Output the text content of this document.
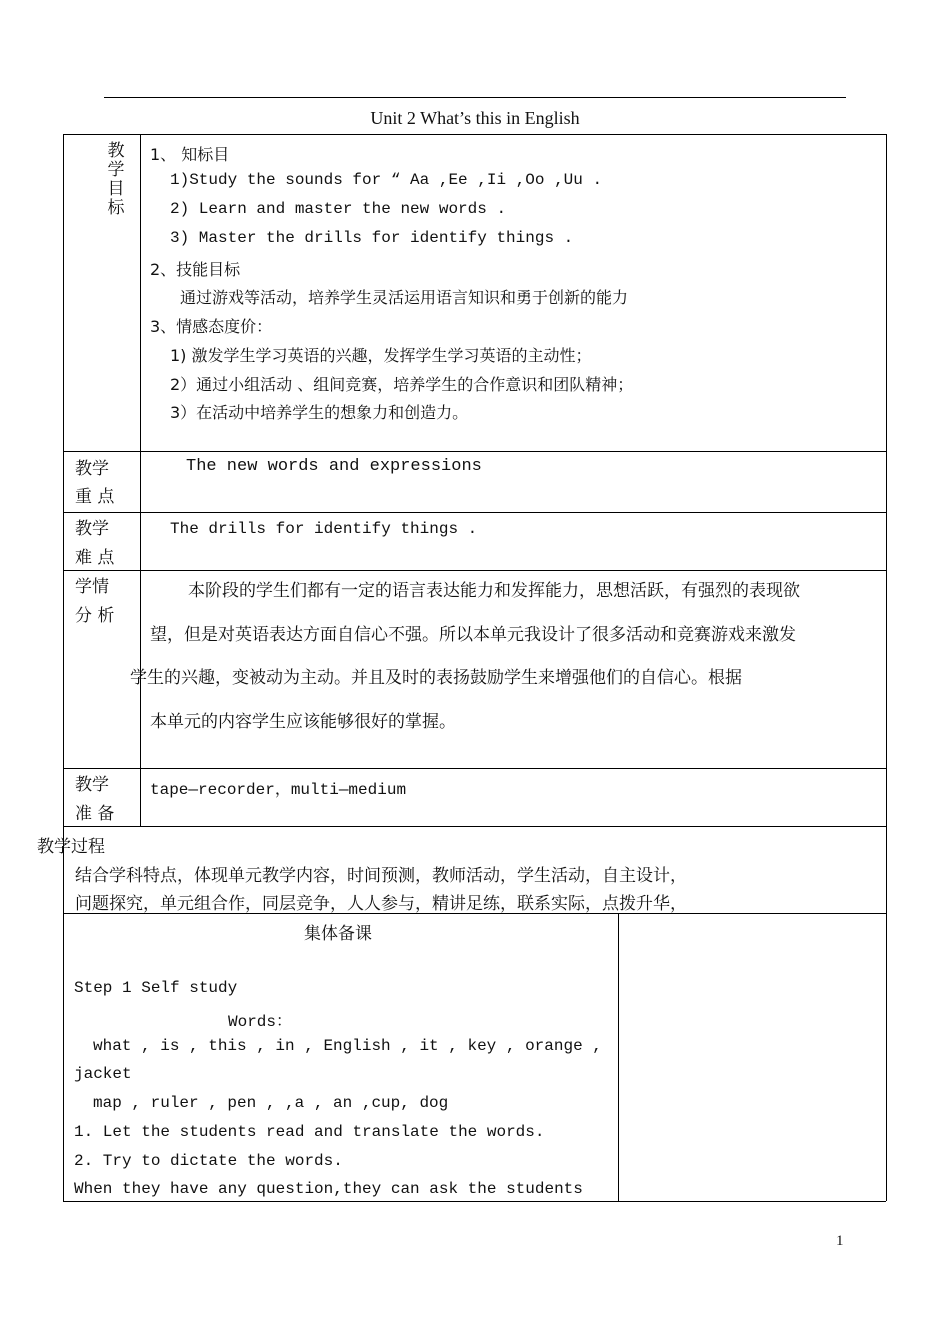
Unit 2 What’s this in English
教学目标
1、 知标目
1)Study the sounds for “ Aa ,Ee ,Ii ,Oo ,Uu .
2) Learn and master the new words .
3) Master the drills for identify things .
2、技能目标
通过游戏等活动，培养学生灵活运用语言知识和勇于创新的能力
3、情感态度价：
1) 激发学生学习英语的兴趣，发挥学生学习英语的主动性；
2）通过小组活动 、组间竞赛，培养学生的合作意识和团队精神；
3）在活动中培养学生的想象力和创造力。
教学
重 点
The new words and expressions
教学
难 点
The drills for identify things .
学情
分 析
本阶段的学生们都有一定的语言表达能力和发挥能力，思想活跃，有强烈的表现欲
望，但是对英语表达方面自信心不强。所以本单元我设计了很多活动和竞赛游戏来激发
学生的兴趣，变被动为主动。并且及时的表扬鼓励学生来增强他们的自信心。根据
本单元的内容学生应该能够很好的掌握。
教学
准 备
tape—recorder，multi—medium
教学过程
结合学科特点，体现单元教学内容，时间预测，教师活动，学生活动，自主设计，
问题探究，单元组合作，同层竞争，人人参与，精讲足练，联系实际，点拨升华，
集体备课
Step 1 Self study
Words：
what , is , this , in , English , it , key , orange ,
jacket
map , ruler , pen , ,a , an ,cup, dog
1. Let the students read and translate the words.
2. Try to dictate the words.
When they have any question,they can ask the students
1
